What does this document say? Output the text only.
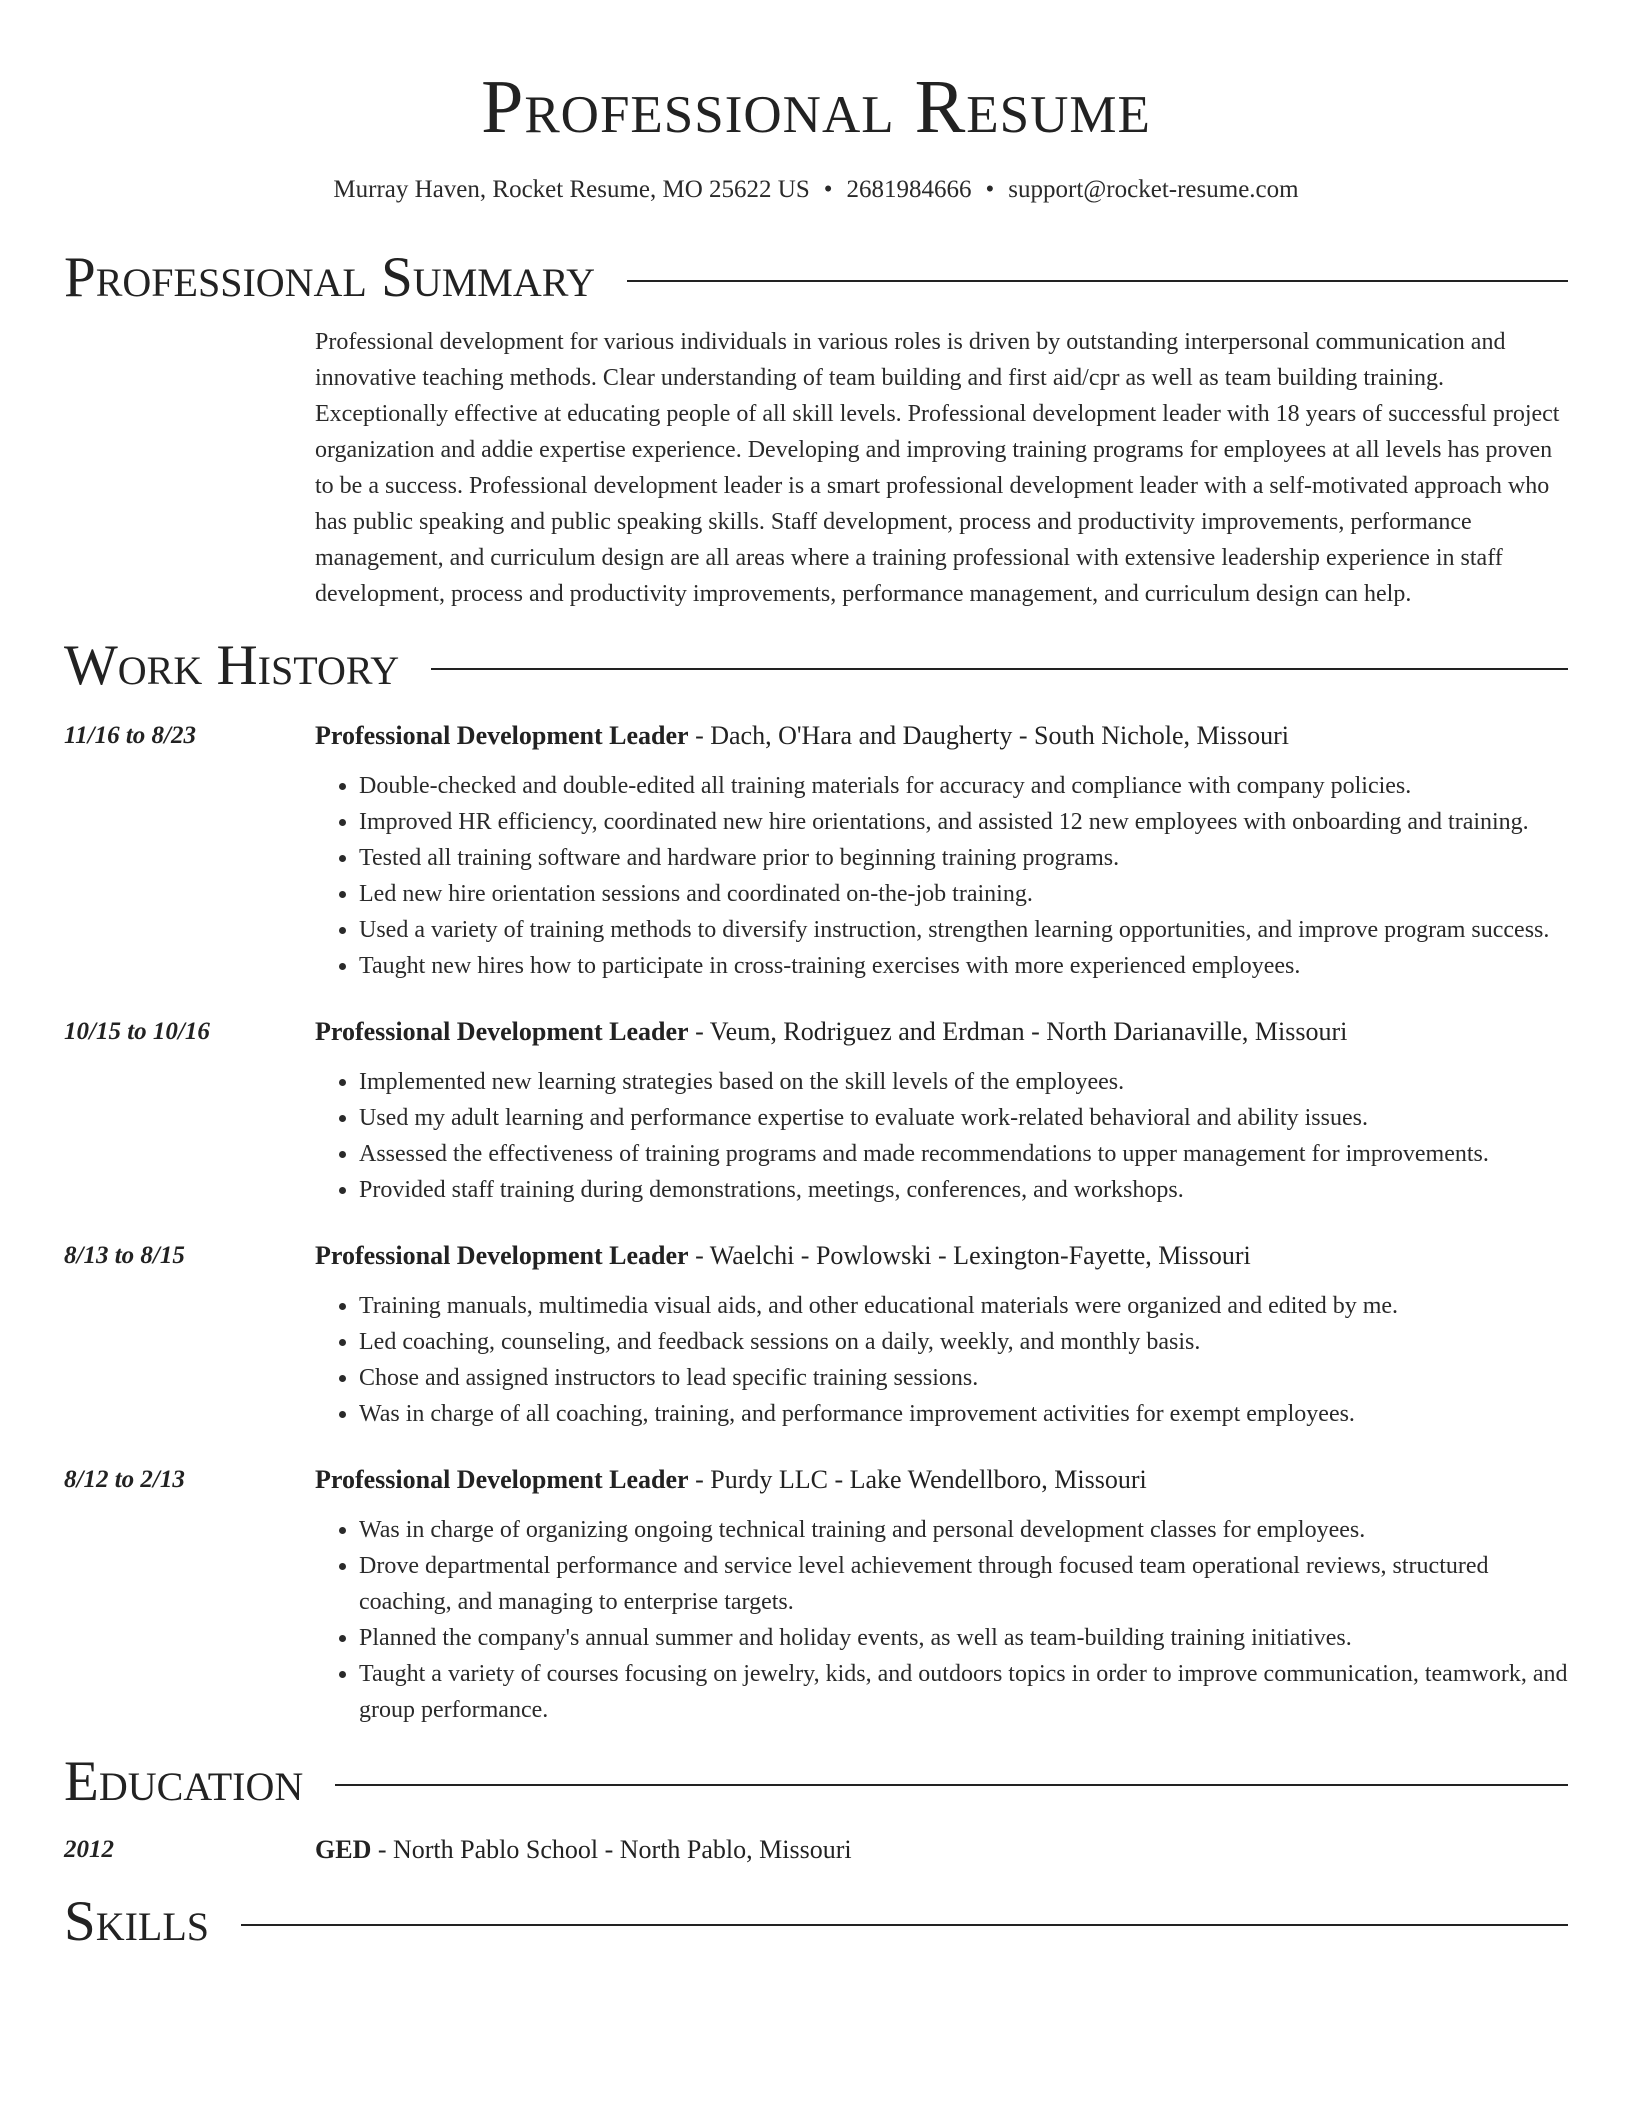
Professional Resume
Murray Haven, Rocket Resume, MO 25622 US • 2681984666 • support@rocket-resume.com
Professional Summary
Professional development for various individuals in various roles is driven by outstanding interpersonal communication and innovative teaching methods. Clear understanding of team building and first aid/cpr as well as team building training. Exceptionally effective at educating people of all skill levels. Professional development leader with 18 years of successful project organization and addie expertise experience. Developing and improving training programs for employees at all levels has proven to be a success. Professional development leader is a smart professional development leader with a self-motivated approach who has public speaking and public speaking skills. Staff development, process and productivity improvements, performance management, and curriculum design are all areas where a training professional with extensive leadership experience in staff development, process and productivity improvements, performance management, and curriculum design can help.
Work History
11/16 to 8/23	Professional Development Leader - Dach, O'Hara and Daugherty - South Nichole, Missouri
• Double-checked and double-edited all training materials for accuracy and compliance with company policies.
• Improved HR efficiency, coordinated new hire orientations, and assisted 12 new employees with onboarding and training.
• Tested all training software and hardware prior to beginning training programs.
• Led new hire orientation sessions and coordinated on-the-job training.
• Used a variety of training methods to diversify instruction, strengthen learning opportunities, and improve program success.
• Taught new hires how to participate in cross-training exercises with more experienced employees.
10/15 to 10/16	Professional Development Leader - Veum, Rodriguez and Erdman - North Darianaville, Missouri
• Implemented new learning strategies based on the skill levels of the employees.
• Used my adult learning and performance expertise to evaluate work-related behavioral and ability issues.
• Assessed the effectiveness of training programs and made recommendations to upper management for improvements.
• Provided staff training during demonstrations, meetings, conferences, and workshops.
8/13 to 8/15	Professional Development Leader - Waelchi - Powlowski - Lexington-Fayette, Missouri
• Training manuals, multimedia visual aids, and other educational materials were organized and edited by me.
• Led coaching, counseling, and feedback sessions on a daily, weekly, and monthly basis.
• Chose and assigned instructors to lead specific training sessions.
• Was in charge of all coaching, training, and performance improvement activities for exempt employees.
8/12 to 2/13	Professional Development Leader - Purdy LLC - Lake Wendellboro, Missouri
• Was in charge of organizing ongoing technical training and personal development classes for employees.
• Drove departmental performance and service level achievement through focused team operational reviews, structured coaching, and managing to enterprise targets.
• Planned the company's annual summer and holiday events, as well as team-building training initiatives.
• Taught a variety of courses focusing on jewelry, kids, and outdoors topics in order to improve communication, teamwork, and group performance.
Education
2012	GED - North Pablo School - North Pablo, Missouri
Skills
